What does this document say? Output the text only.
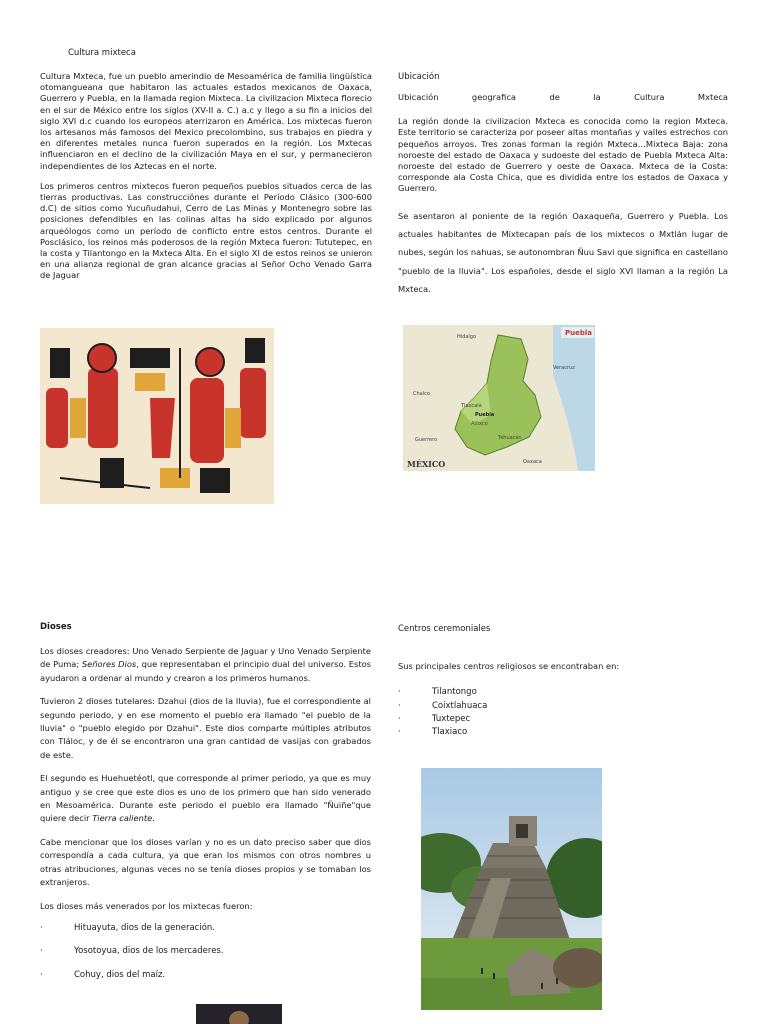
Cultura mixteca

Cultura Mxteca, fue un pueblo amerindio de Mesoamérica de familia lingüística otomangueana que habitaron las actuales estados mexicanos de Oaxaca, Guerrero y Puebla, en la llamada region Mixteca. La civilizacion Mixteca florecio en el sur de México entre los siglos (XV-II a. C.) a.c y llego a su fin a inicios del siglo XVI d.c cuando los europeos aterrizaron en América. Los mixtecas fueron los artesanos más famosos del Mexico precolombino, sus trabajos en piedra y en diferentes metales nunca fueron superados en la región. Los Mxtecas influenciaron en el declino de la civilización Maya en el sur, y permanecieron independientes de los Aztecas en el norte.

Los primeros centros mixtecos fueron pequeños pueblos situados cerca de las tierras productivas. Las construcciónes durante el Período Clásico (300-600 d.C) de sitios como Yucuñudahui, Cerro de Las Minas y Montenegro sobre las posiciones defendibles en las colinas altas ha sido explicado por algunos arqueólogos como un período de conflicto entre estos centros. Durante el Posclásico, los reinos más poderosos de la región Mxteca fueron: Tututepec, en la costa y Tilantongo en la Mxteca Alta. En el siglo XI de estos reinos se unieron en una alianza regional de gran alcance gracias al Señor Ocho Venado Garra de Jaguar

Ubicación

Ubicación geografica de la Cultura Mxteca

La región donde la civilizacion Mxteca es conocida como la region Mxteca. Este territorio se caracteriza por poseer altas montañas y valles estrechos con pequeños arroyos. Tres zonas forman la región Mxteca…Mixteca Baja: zona noroeste del estado de Oaxaca y sudoeste del estado de Puebla Mxteca Alta: noroeste del estado de Guerrero y oeste de Oaxaca. Mxteca de la Costa: corresponde ala Costa Chica, que es dividida entre los estados de Oaxaca y Guerrero.

Se asentaron al poniente de la región Oaxaqueña, Guerrero y Puebla. Los actuales habitantes de Mixtecapan país de los mixtecos o Mxtlán lugar de nubes, según los nahuas, se autonombran Ñuu Savi que significa en castellano "pueblo de la lluvia". Los españoles, desde el siglo XVI llaman a la región La Mxteca.

Hidalgo
Tlaxcala
Puebla
Atlixco
Tehuacán
Chalco
Guerrero
Oaxaca
Veracruz
Puebla
MÉXICO

Dioses

Los dioses creadores: Uno Venado Serpiente de Jaguar y Uno Venado Serpiente de Puma; Señores Dios, que representaban el principio dual del universo. Estos ayudaron a ordenar al mundo y crearon a los primeros humanos.

Tuvieron 2 dioses tutelares: Dzahui (dios de la lluvia), fue el correspondiente al segundo periodo, y en ese momento el pueblo era llamado "el pueblo de la lluvia" o "pueblo elegido por Dzahui". Este dios comparte múltiples atributos con Tláloc, y de él se encontraron una gran cantidad de vasijas con grabados de este.

El segundo es Huehuetéotl, que corresponde al primer periodo, ya que es muy antiguo y se cree que este dios es uno de los primero que han sido venerado en Mesoamérica. Durante este periodo el pueblo era llamado "Ñuiñe"que quiere decir Tierra caliente.

Cabe mencionar que los dioses varían y no es un dato preciso saber que dios correspondía a cada cultura, ya que eran los mismos con otros nombres u otras atribuciones, algunas veces no se tenía dioses propios y se tomaban los extranjeros.

Los dioses más venerados por los mixtecas fueron:

·	Hituayuta, dios de la generación.
·	Yosotoyua, dios de los mercaderes.
·	Cohuy, dios del maíz.

Centros ceremoniales

Sus principales centros religiosos se encontraban en:

·	Tilantongo
·	Coixtlahuaca
·	Tuxtepec
·	Tlaxiaco
